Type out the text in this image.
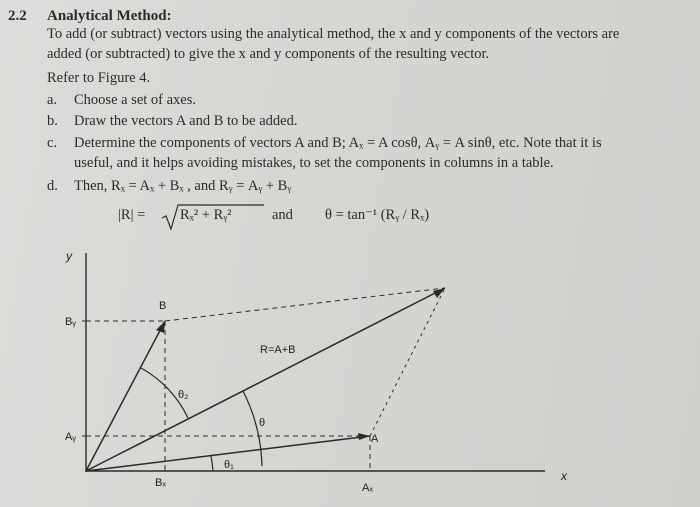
2.2 Analytical Method:
To add (or subtract) vectors using the analytical method, the x and y components of the vectors are
added (or subtracted) to give the x and y components of the resulting vector.
Refer to Figure 4.
a. Choose a set of axes.
b. Draw the vectors A and B to be added.
c. Determine the components of vectors A and B; Aₓ = A cosθ, Aᵧ = A sinθ, etc. Note that it is
useful, and it helps avoiding mistakes, to set the components in columns in a table.
d. Then, Rₓ = Aₓ + Bₓ , and Rᵧ = Aᵧ + Bᵧ
|R| = Rₓ² + Rᵧ²	and θ = tan⁻¹ (Rᵧ / Rₓ)
y
x
B
Bᵧ
Aᵧ
Bₓ	Aₓ
R=A+B
A
θ
θ₁
θ₂
